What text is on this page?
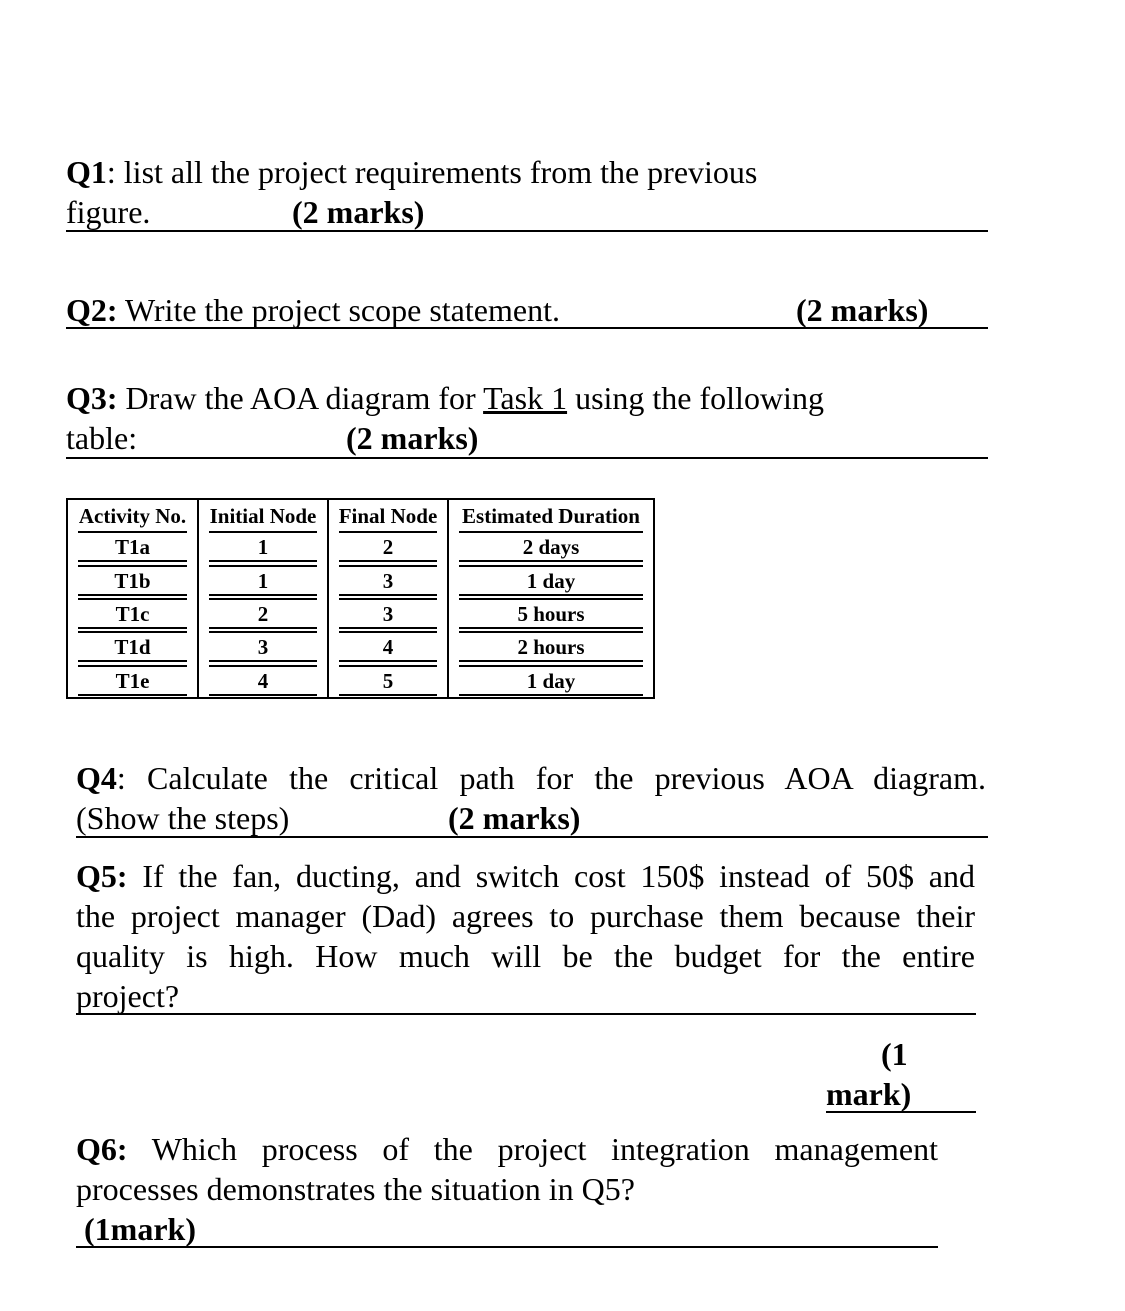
Q1: list all the project requirements from the previous
figure.	(2 marks)
Q2: Write the project scope statement.	(2 marks)
Q3: Draw the AOA diagram for Task 1 using the following
table:	(2 marks)
Activity No.	Initial Node	Final Node	Estimated Duration

T1a	1	2	2 days

T1b	1	3	1 day

T1c	2	3	5 hours

T1d	3	4	2 hours

T1e	4	5	1 day
Q4: Calculate the critical path for the previous AOA diagram.
(Show the steps)	(2 marks)
Q5: If the fan, ducting, and switch cost 150$ instead of 50$ and
the project manager (Dad) agrees to purchase them because their
quality is high. How much will be the budget for the entire
project?
(1
mark)
Q6: Which process of the project integration management
processes demonstrates the situation in Q5?
(1mark)
